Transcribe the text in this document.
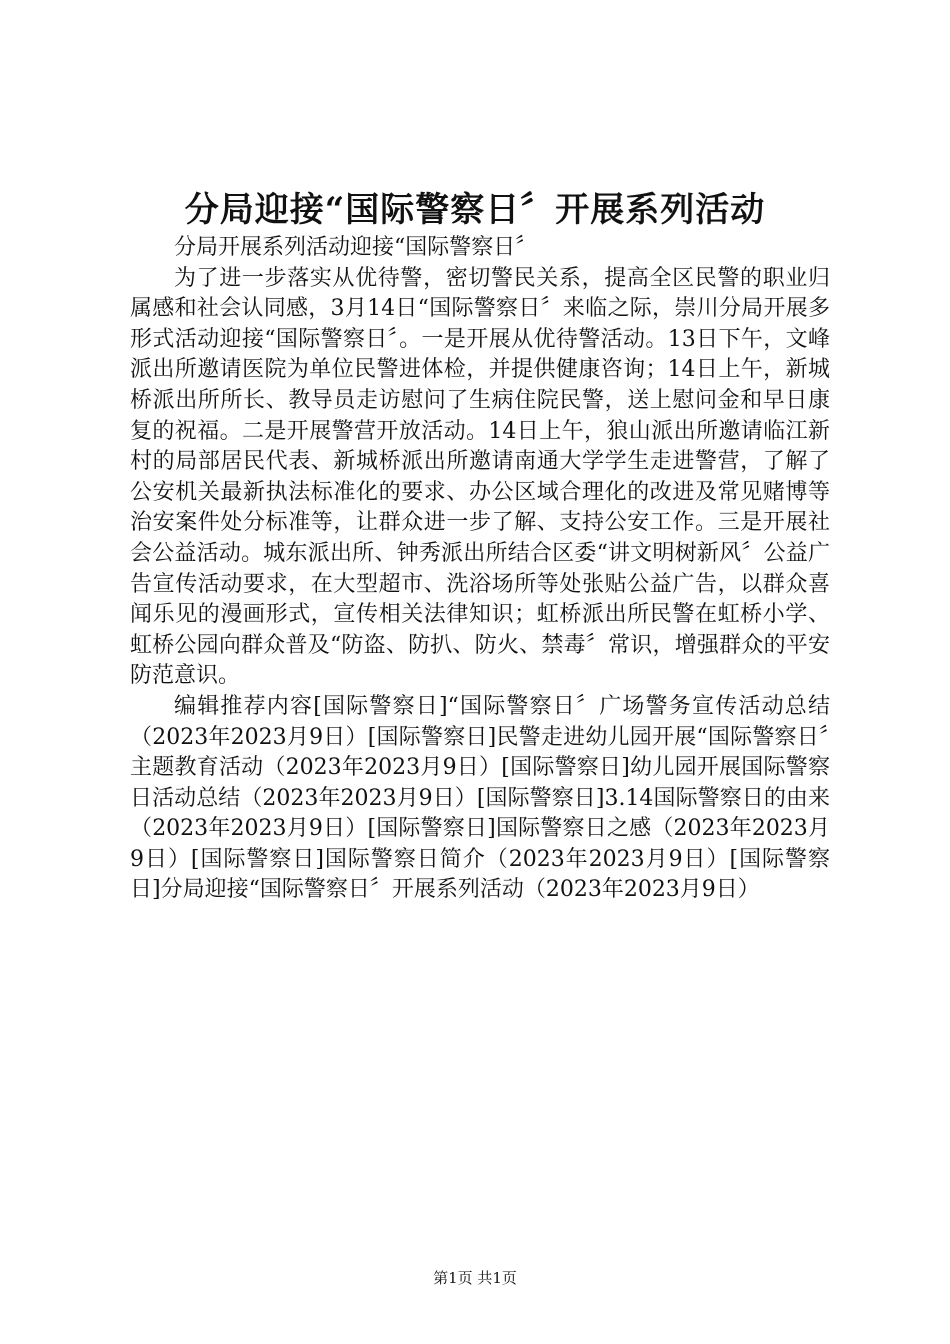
分局迎接“国际警察日〞开展系列活动

分局开展系列活动迎接“国际警察日〞

为了进一步落实从优待警，密切警民关系，提高全区民警的职业归属感和社会认同感，3月14日“国际警察日〞来临之际，崇川分局开展多形式活动迎接“国际警察日〞。一是开展从优待警活动。13日下午，文峰派出所邀请医院为单位民警进体检，并提供健康咨询；14日上午，新城桥派出所所长、教导员走访慰问了生病住院民警，送上慰问金和早日康复的祝福。二是开展警营开放活动。14日上午，狼山派出所邀请临江新村的局部居民代表、新城桥派出所邀请南通大学学生走进警营，了解了公安机关最新执法标准化的要求、办公区域合理化的改进及常见赌博等治安案件处分标准等，让群众进一步了解、支持公安工作。三是开展社会公益活动。城东派出所、钟秀派出所结合区委“讲文明树新风〞公益广告宣传活动要求，在大型超市、洗浴场所等处张贴公益广告，以群众喜闻乐见的漫画形式，宣传相关法律知识；虹桥派出所民警在虹桥小学、虹桥公园向群众普及“防盗、防扒、防火、禁毒〞常识，增强群众的平安防范意识。

编辑推荐内容[国际警察日]“国际警察日〞广场警务宣传活动总结（2023年2023月9日）[国际警察日]民警走进幼儿园开展“国际警察日〞主题教育活动（2023年2023月9日）[国际警察日]幼儿园开展国际警察日活动总结（2023年2023月9日）[国际警察日]3.14国际警察日的由来（2023年2023月9日）[国际警察日]国际警察日之感（2023年2023月9日）[国际警察日]国际警察日简介（2023年2023月9日）[国际警察日]分局迎接“国际警察日〞开展系列活动（2023年2023月9日）

第1页 共1页
